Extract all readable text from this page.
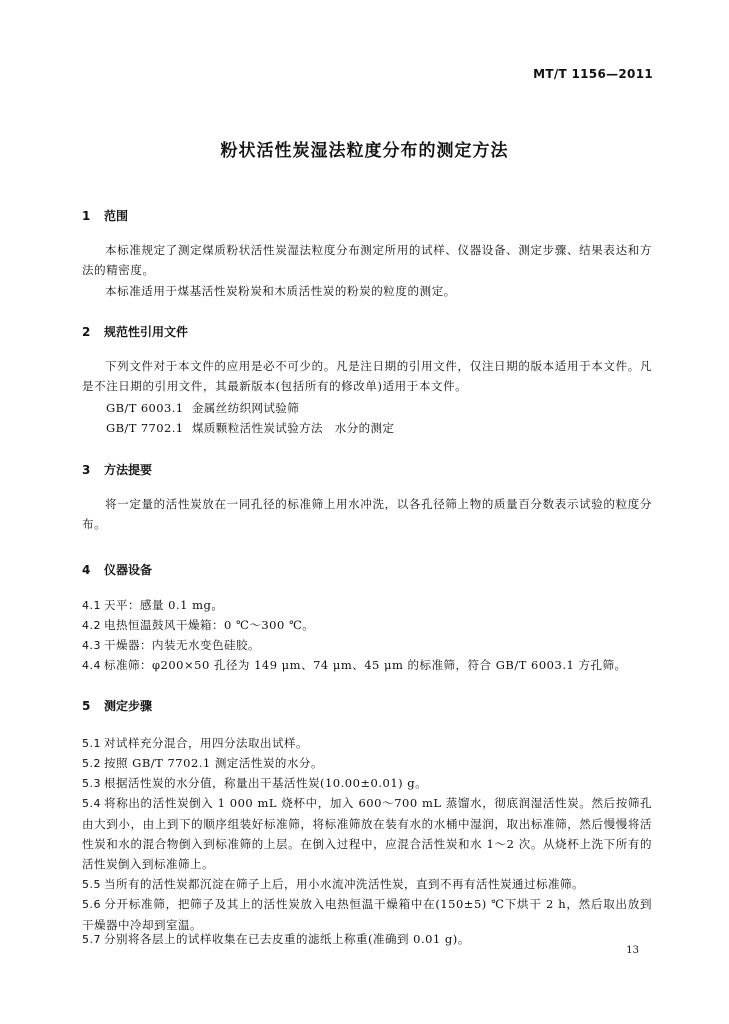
MT/T 1156—2011
粉状活性炭湿法粒度分布的测定方法
1 范围
本标准规定了测定煤质粉状活性炭湿法粒度分布测定所用的试样、仪器设备、测定步骤、结果表达和方法的精密度。
本标准适用于煤基活性炭粉炭和木质活性炭的粉炭的粒度的测定。
2 规范性引用文件
下列文件对于本文件的应用是必不可少的。凡是注日期的引用文件，仅注日期的版本适用于本文件。凡是不注日期的引用文件，其最新版本(包括所有的修改单)适用于本文件。
GB/T 6003.1 金属丝纺织网试验筛
GB/T 7702.1 煤质颗粒活性炭试验方法　水分的测定
3 方法提要
将一定量的活性炭放在一同孔径的标准筛上用水冲洗，以各孔径筛上物的质量百分数表示试验的粒度分布。
4 仪器设备
4.1 天平：感量 0.1 mg。
4.2 电热恒温鼓风干燥箱：0 ℃～300 ℃。
4.3 干燥器：内装无水变色硅胶。
4.4 标准筛：φ200×50 孔径为 149 μm、74 μm、45 μm 的标准筛，符合 GB/T 6003.1 方孔筛。
5 测定步骤
5.1 对试样充分混合，用四分法取出试样。
5.2 按照 GB/T 7702.1 测定活性炭的水分。
5.3 根据活性炭的水分值，称量出干基活性炭(10.00±0.01) g。
5.4 将称出的活性炭倒入 1 000 mL 烧杯中，加入 600～700 mL 蒸馏水，彻底润湿活性炭。然后按筛孔由大到小，由上到下的顺序组装好标准筛，将标准筛放在装有水的水桶中湿润，取出标准筛，然后慢慢将活性炭和水的混合物倒入到标准筛的上层。在倒入过程中，应混合活性炭和水 1～2 次。从烧杯上洗下所有的活性炭倒入到标准筛上。
5.5 当所有的活性炭都沉淀在筛子上后，用小水流冲洗活性炭，直到不再有活性炭通过标准筛。
5.6 分开标准筛，把筛子及其上的活性炭放入电热恒温干燥箱中在(150±5) ℃下烘干 2 h，然后取出放到干燥器中冷却到室温。
5.7 分别将各层上的试样收集在已去皮重的滤纸上称重(准确到 0.01 g)。
13
